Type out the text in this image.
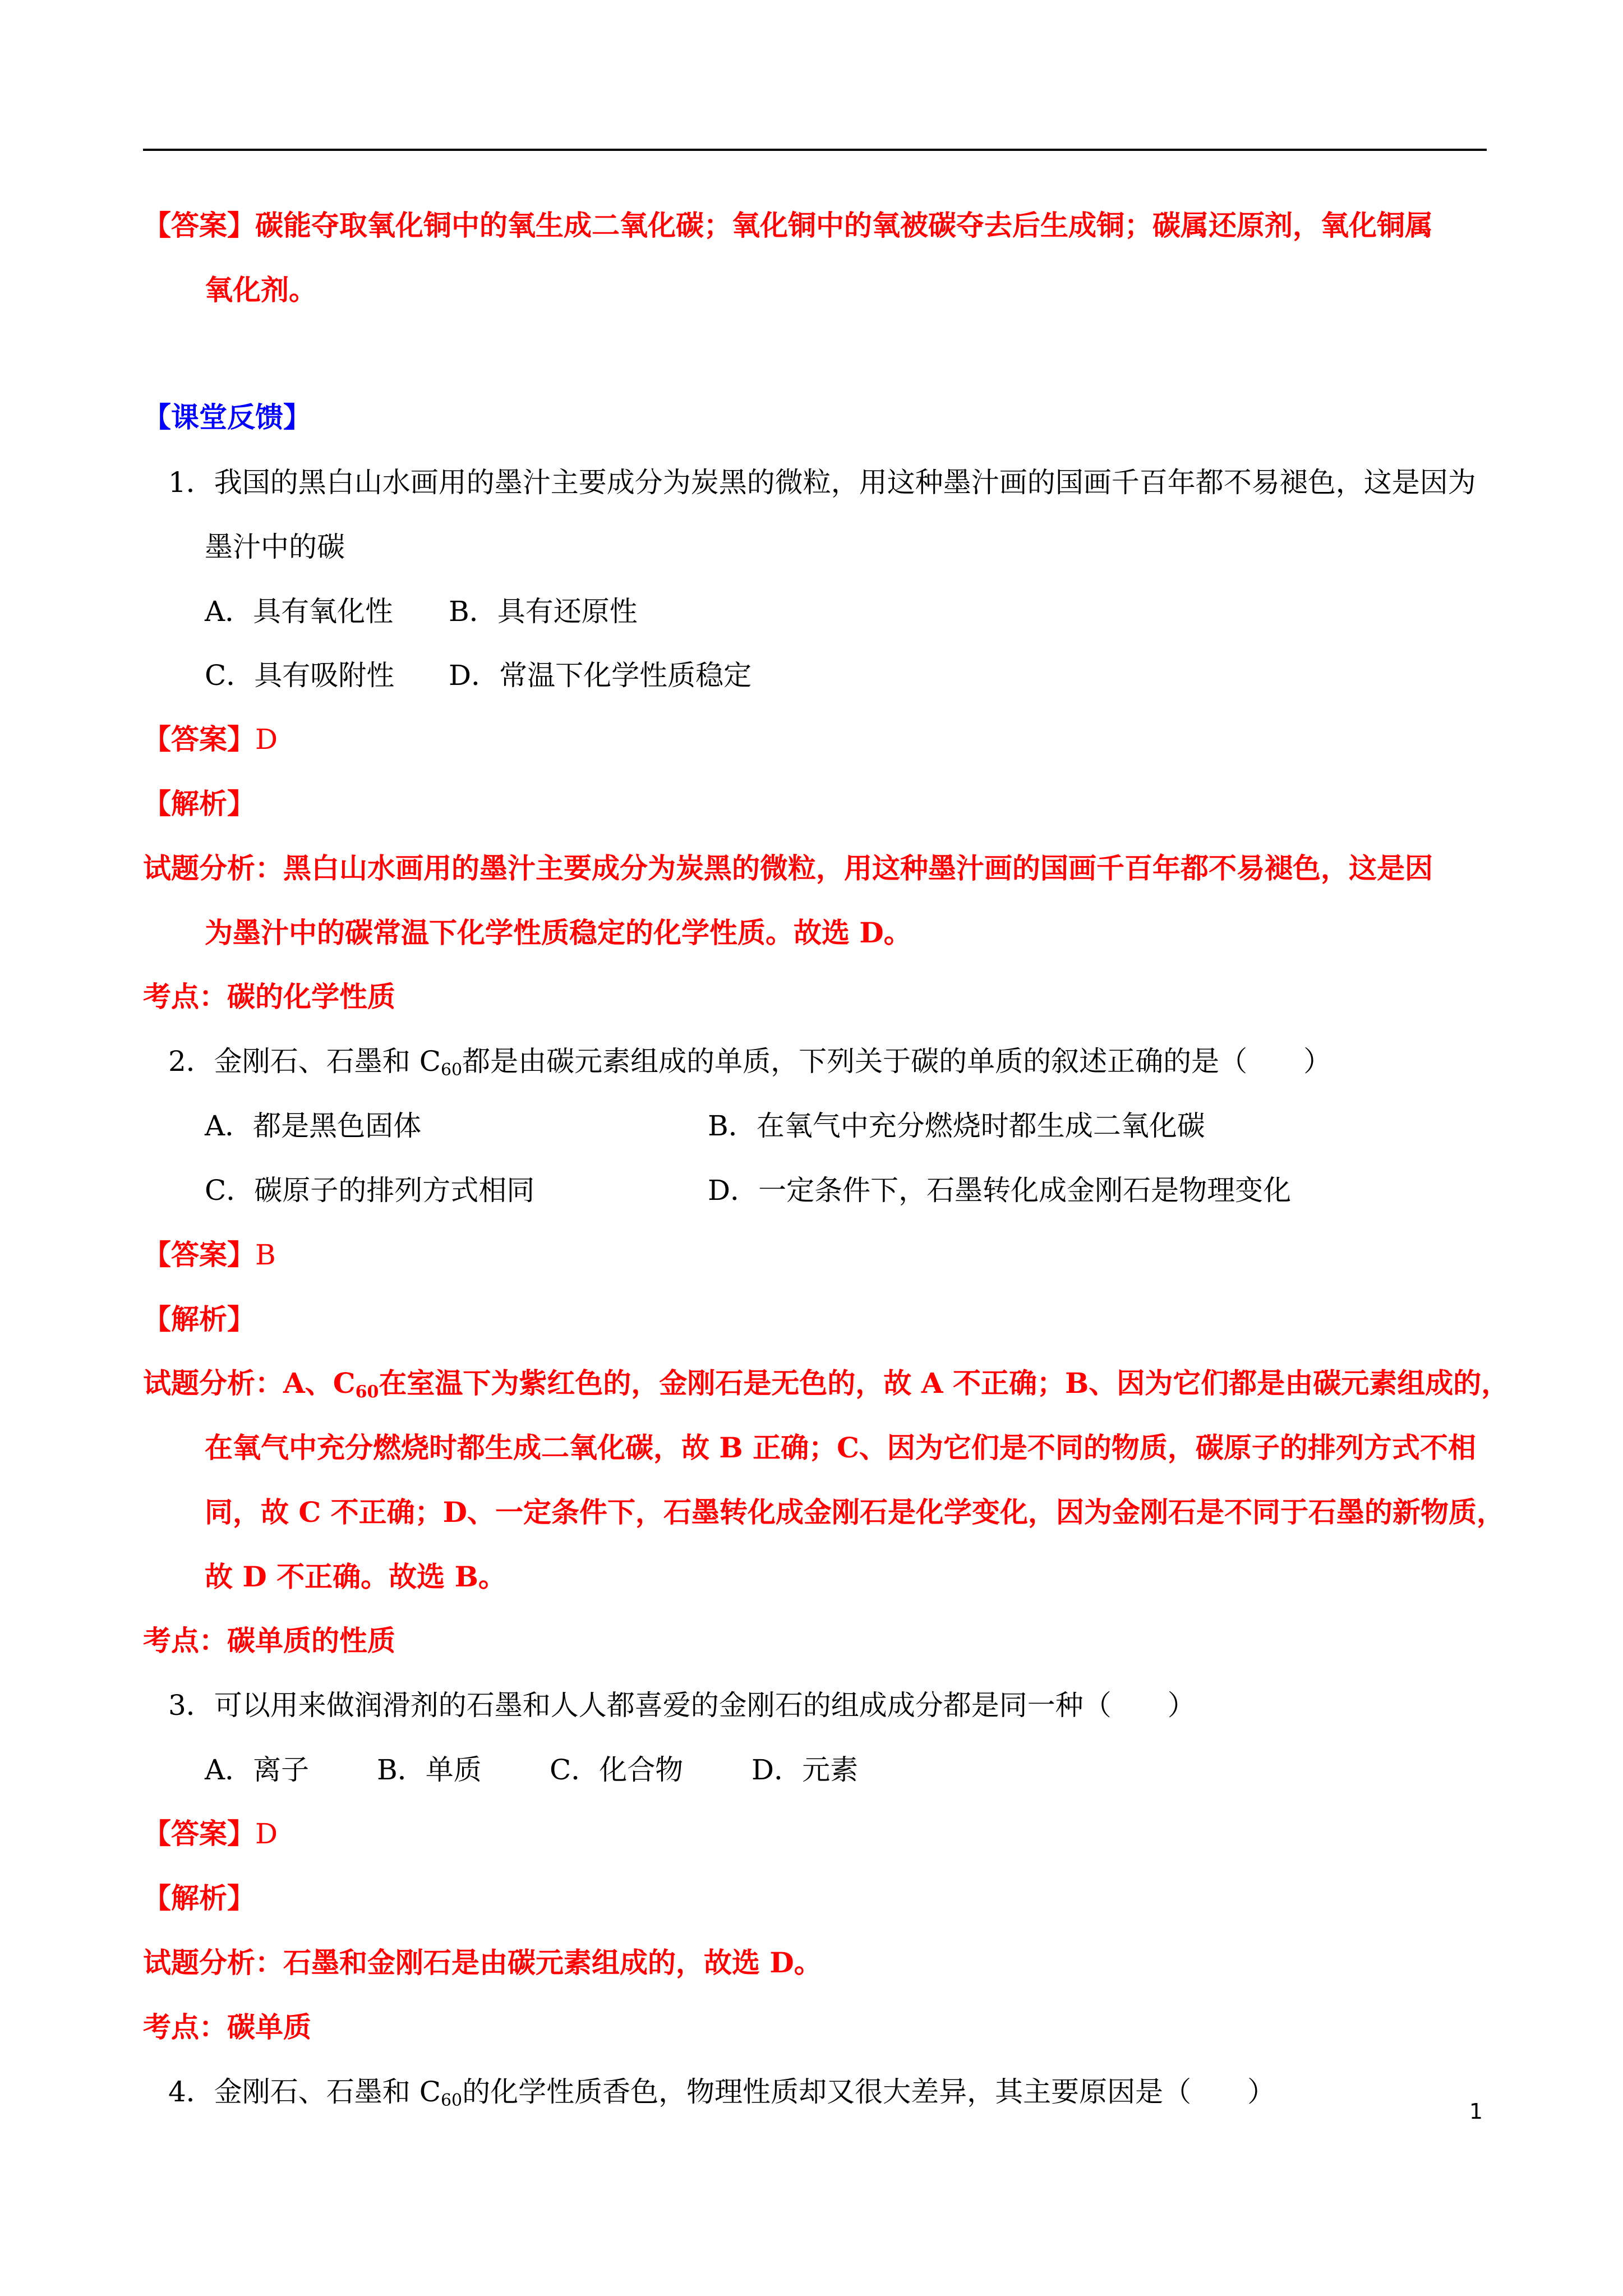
【答案】碳能夺取氧化铜中的氧生成二氧化碳；氧化铜中的氧被碳夺去后生成铜；碳属还原剂，氧化铜属
氧化剂。
【课堂反馈】
1．我国的黑白山水画用的墨汁主要成分为炭黑的微粒，用这种墨汁画的国画千百年都不易褪色，这是因为
墨汁中的碳
A．具有氧化性 B．具有还原性
C．具有吸附性 D．常温下化学性质稳定
【答案】D
【解析】
试题分析：黑白山水画用的墨汁主要成分为炭黑的微粒，用这种墨汁画的国画千百年都不易褪色，这是因
为墨汁中的碳常温下化学性质稳定的化学性质。故选 D。
考点：碳的化学性质
2．金刚石、石墨和 $C_{60}$都是由碳元素组成的单质，下列关于碳的单质的叙述正确的是（　　）
A．都是黑色固体	B．在氧气中充分燃烧时都生成二氧化碳
C．碳原子的排列方式相同	D．一定条件下，石墨转化成金刚石是物理变化
【答案】B
【解析】
试题分析：A、$C_{60}$在室温下为紫红色的，金刚石是无色的，故 A 不正确；B、因为它们都是由碳元素组成的，
在氧气中充分燃烧时都生成二氧化碳，故 B 正确；C、因为它们是不同的物质，碳原子的排列方式不相
同，故 C 不正确；D、一定条件下，石墨转化成金刚石是化学变化，因为金刚石是不同于石墨的新物质，
故 D 不正确。故选 B。
考点：碳单质的性质
3．可以用来做润滑剂的石墨和人人都喜爱的金刚石的组成成分都是同一种（　　）
A．离子 B．单质 C．化合物 D．元素
【答案】D
【解析】
试题分析：石墨和金刚石是由碳元素组成的，故选 D。
考点：碳单质
4．金刚石、石墨和 $C_{60}$的化学性质香色，物理性质却又很大差异，其主要原因是（　　）
1
